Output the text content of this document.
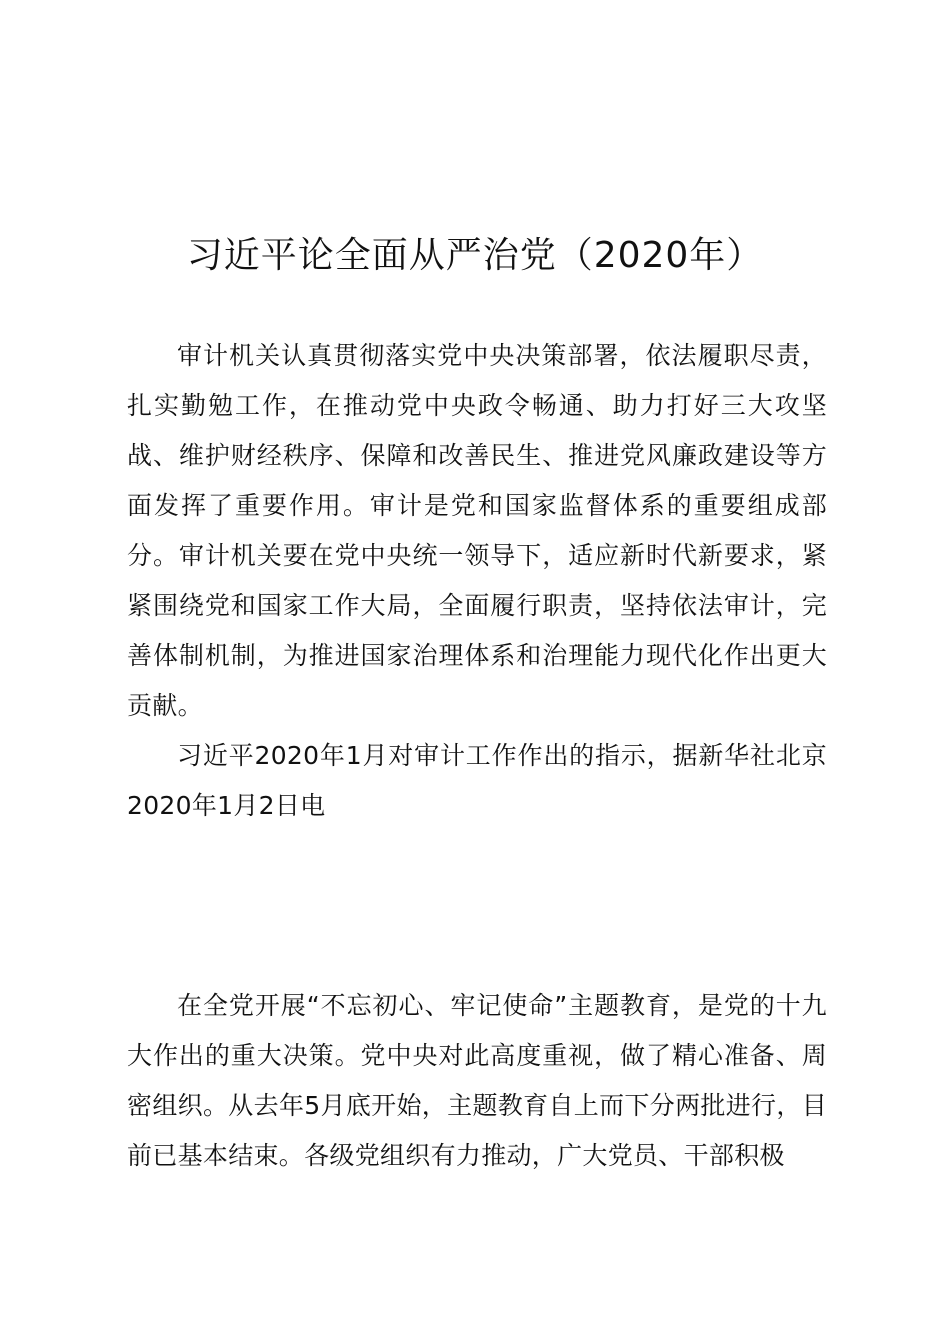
习近平论全面从严治党（2020年）

审计机关认真贯彻落实党中央决策部署，依法履职尽责，扎实勤勉工作，在推动党中央政令畅通、助力打好三大攻坚战、维护财经秩序、保障和改善民生、推进党风廉政建设等方面发挥了重要作用。审计是党和国家监督体系的重要组成部分。审计机关要在党中央统一领导下，适应新时代新要求，紧紧围绕党和国家工作大局，全面履行职责，坚持依法审计，完善体制机制，为推进国家治理体系和治理能力现代化作出更大贡献。

习近平2020年1月对审计工作作出的指示，据新华社北京2020年1月2日电

在全党开展“不忘初心、牢记使命”主题教育，是党的十九大作出的重大决策。党中央对此高度重视，做了精心准备、周密组织。从去年5月底开始，主题教育自上而下分两批进行，目前已基本结束。各级党组织有力推动，广大党员、干部积极
